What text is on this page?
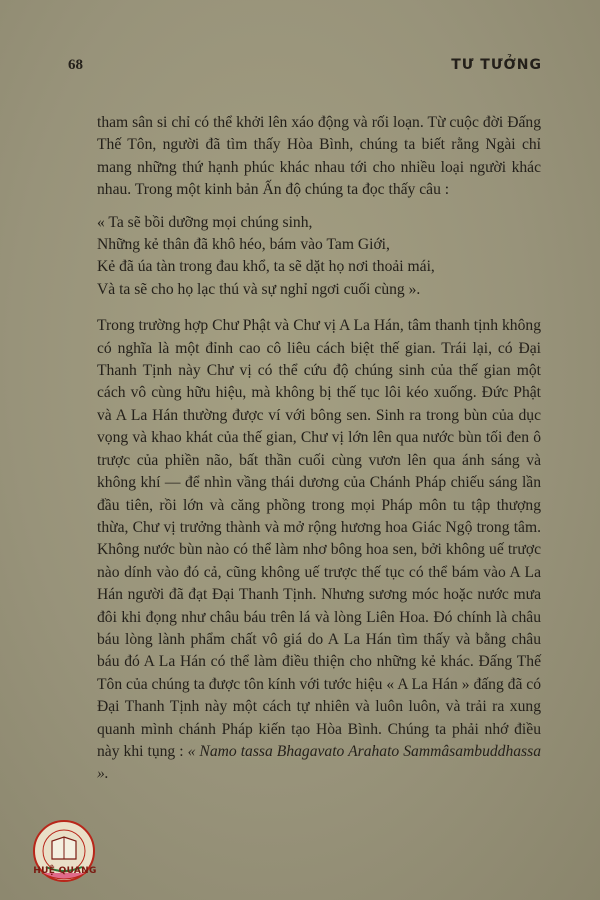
68	TƯ TƯỞNG

tham sân si chỉ có thể khởi lên xáo động và rối loạn. Từ cuộc đời Đấng Thế Tôn, người đã tìm thấy Hòa Bình, chúng ta biết rằng Ngài chỉ mang những thứ hạnh phúc khác nhau tới cho nhiều loại người khác nhau. Trong một kinh bản Ấn độ chúng ta đọc thấy câu :

« Ta sẽ bồi dưỡng mọi chúng sinh,
Những kẻ thân đã khô héo, bám vào Tam Giới,
Kẻ đã úa tàn trong đau khổ, ta sẽ dặt họ nơi thoải mái,
Và ta sẽ cho họ lạc thú và sự nghỉ ngơi cuối cùng ».

Trong trường hợp Chư Phật và Chư vị A La Hán, tâm thanh tịnh không có nghĩa là một đỉnh cao cô liêu cách biệt thế gian. Trái lại, có Đại Thanh Tịnh này Chư vị có thể cứu độ chúng sinh của thế gian một cách vô cùng hữu hiệu, mà không bị thế tục lôi kéo xuống. Đức Phật và A La Hán thường được ví với bông sen. Sinh ra trong bùn của dục vọng và khao khát của thế gian, Chư vị lớn lên qua nước bùn tối đen ô trược của phiền não, bất thần cuối cùng vươn lên qua ánh sáng và không khí — để nhìn vầng thái dương của Chánh Pháp chiếu sáng lần đầu tiên, rồi lớn và căng phồng trong mọi Pháp môn tu tập thượng thừa, Chư vị trưởng thành và mở rộng hương hoa Giác Ngộ trong tâm. Không nước bùn nào có thể làm nhơ bông hoa sen, bởi không uế trược nào dính vào đó cả, cũng không uế trược thế tục có thể bám vào A La Hán người đã đạt Đại Thanh Tịnh. Nhưng sương móc hoặc nước mưa đôi khi đọng như châu báu trên lá và lòng Liên Hoa. Đó chính là châu báu lòng lành phẩm chất vô giá do A La Hán tìm thấy và bằng châu báu đó A La Hán có thể làm điều thiện cho những kẻ khác. Đấng Thế Tôn của chúng ta được tôn kính với tước hiệu « A La Hán » đấng đã có Đại Thanh Tịnh này một cách tự nhiên và luôn luôn, và trải ra xung quanh mình chánh Pháp kiến tạo Hòa Bình. Chúng ta phải nhớ điều này khi tụng : « Namo tassa Bhagavato Arahato Sammâsambuddhassa ».

HUỆ QUANG
